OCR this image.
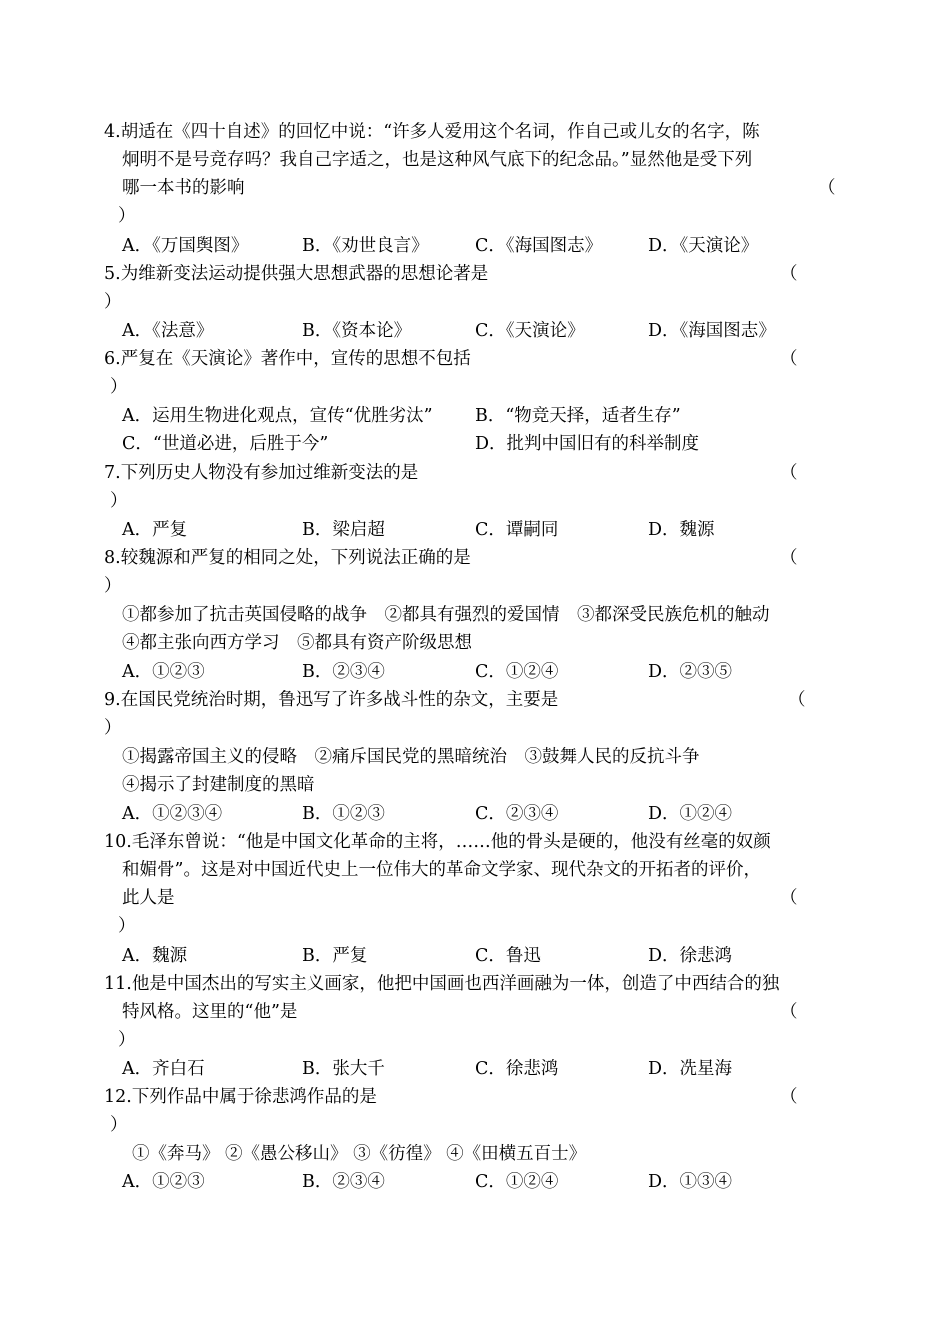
4.胡适在《四十自述》的回忆中说：“许多人爱用这个名词，作自己或儿女的名字，陈
炯明不是号竞存吗？我自己字适之，也是这种风气底下的纪念品。”显然他是受下列
哪一本书的影响	（
）
A．《万国舆图》	B．《劝世良言》	C．《海国图志》	D．《天演论》
5.为维新变法运动提供强大思想武器的思想论著是	（
）
A．《法意》	B．《资本论》	C．《天演论》	D．《海国图志》
6.严复在《天演论》著作中，宣传的思想不包括	（
）
A．运用生物进化观点，宣传“优胜劣汰” B．“物竞天择，适者生存”
C．“世道必进，后胜于今”	D．批判中国旧有的科举制度
7.下列历史人物没有参加过维新变法的是	（
）
A．严复	B．梁启超	C．谭嗣同	D．魏源
8.较魏源和严复的相同之处，下列说法正确的是	（
）
①都参加了抗击英国侵略的战争　②都具有强烈的爱国情　③都深受民族危机的触动
④都主张向西方学习　⑤都具有资产阶级思想
A．①②③	B．②③④	C．①②④	D．②③⑤
9.在国民党统治时期，鲁迅写了许多战斗性的杂文，主要是	（
）
①揭露帝国主义的侵略　②痛斥国民党的黑暗统治　③鼓舞人民的反抗斗争
④揭示了封建制度的黑暗
A．①②③④	B．①②③	C．②③④	D．①②④
10.毛泽东曾说：“他是中国文化革命的主将，……他的骨头是硬的，他没有丝毫的奴颜
和媚骨”。这是对中国近代史上一位伟大的革命文学家、现代杂文的开拓者的评价，
此人是	（
）
A．魏源	B．严复	C．鲁迅	D．徐悲鸿
11.他是中国杰出的写实主义画家，他把中国画也西洋画融为一体，创造了中西结合的独
特风格。这里的“他”是	（
）
A．齐白石	B．张大千	C．徐悲鸿	D．冼星海
12.下列作品中属于徐悲鸿作品的是	（
）
①《奔马》 ②《愚公移山》 ③《彷徨》 ④《田横五百士》
A．①②③	B．②③④	C．①②④	D．①③④
